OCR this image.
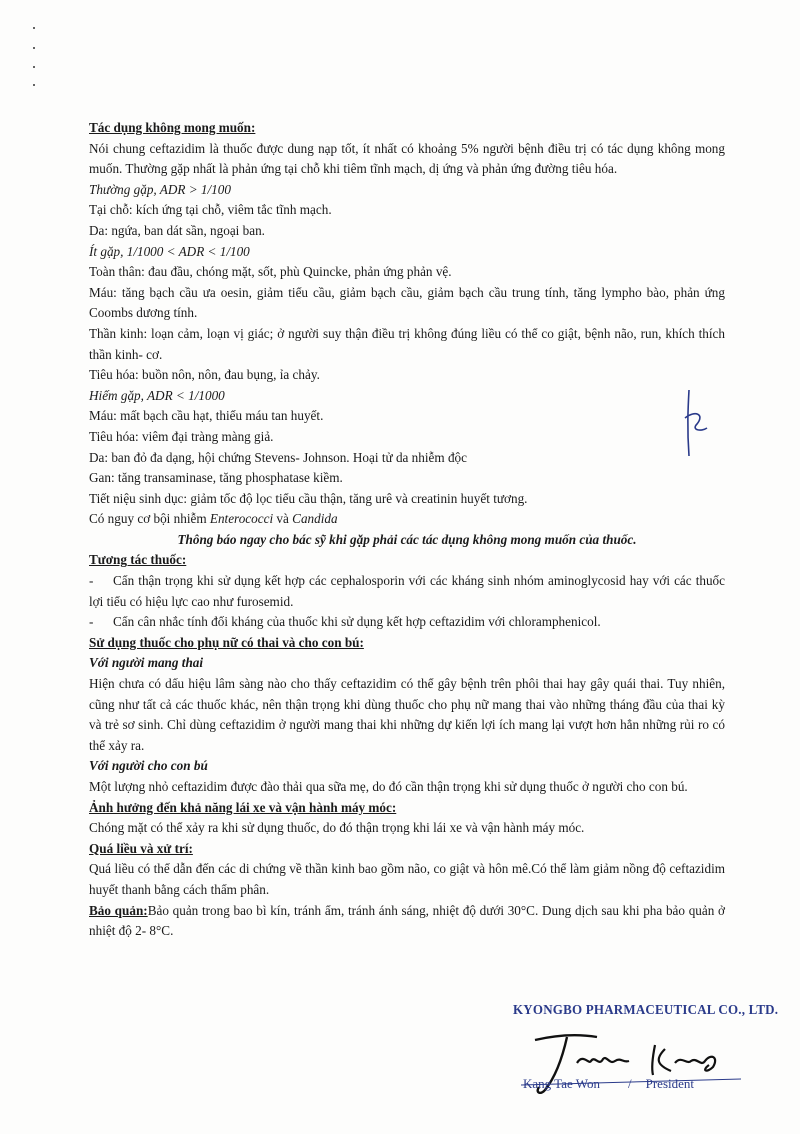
Tác dụng không mong muốn:

Nói chung ceftazidim là thuốc được dung nạp tốt, ít nhất có khoảng 5% người bệnh điều trị có tác dụng không mong muốn. Thường gặp nhất là phản ứng tại chỗ khi tiêm tĩnh mạch, dị ứng và phản ứng đường tiêu hóa.

Thường gặp, ADR > 1/100

Tại chỗ: kích ứng tại chỗ, viêm tắc tĩnh mạch.

Da: ngứa, ban dát sần, ngoại ban.

Ít gặp, 1/1000 < ADR < 1/100

Toàn thân: đau đầu, chóng mặt, sốt, phù Quincke, phản ứng phản vệ.

Máu: tăng bạch cầu ưa oesin, giảm tiểu cầu, giảm bạch cầu, giảm bạch cầu trung tính, tăng lympho bào, phản ứng Coombs dương tính.

Thần kinh: loạn cảm, loạn vị giác; ở người suy thận điều trị không đúng liều có thể co giật, bệnh não, run, khích thích thần kinh- cơ.

Tiêu hóa: buồn nôn, nôn, đau bụng, ỉa chảy.

Hiếm gặp, ADR < 1/1000

Máu: mất bạch cầu hạt, thiếu máu tan huyết.

Tiêu hóa: viêm đại tràng màng giả.

Da: ban đỏ đa dạng, hội chứng Stevens- Johnson. Hoại tử da nhiễm độc

Gan: tăng transaminase, tăng phosphatase kiềm.

Tiết niệu sinh dục: giảm tốc độ lọc tiểu cầu thận, tăng urê và creatinin huyết tương.

Có nguy cơ bội nhiễm Enterococci và Candida

Thông báo ngay cho bác sỹ khi gặp phải các tác dụng không mong muốn của thuốc.

Tương tác thuốc:

- Cẩn thận trọng khi sử dụng kết hợp các cephalosporin với các kháng sinh nhóm aminoglycosid hay với các thuốc lợi tiểu có hiệu lực cao như furosemid.

- Cẩn cân nhắc tính đối kháng của thuốc khi sử dụng kết hợp ceftazidim với chloramphenicol.

Sử dụng thuốc cho phụ nữ có thai và cho con bú:

Với người mang thai

Hiện chưa có dấu hiệu lâm sàng nào cho thấy ceftazidim có thể gây bệnh trên phôi thai hay gây quái thai. Tuy nhiên, cũng như tất cả các thuốc khác, nên thận trọng khi dùng thuốc cho phụ nữ mang thai vào những tháng đầu của thai kỳ và trẻ sơ sinh. Chỉ dùng ceftazidim ở người mang thai khi những dự kiến lợi ích mang lại vượt hơn hẳn những rủi ro có thể xảy ra.

Với người cho con bú

Một lượng nhỏ ceftazidim được đào thải qua sữa mẹ, do đó cần thận trọng khi sử dụng thuốc ở người cho con bú.

Ảnh hưởng đến khả năng lái xe và vận hành máy móc:

Chóng mặt có thể xảy ra khi sử dụng thuốc, do đó thận trọng khi lái xe và vận hành máy móc.

Quá liều và xử trí:

Quá liều có thể dẫn đến các di chứng về thần kinh bao gồm não, co giật và hôn mê.Có thể làm giảm nồng độ ceftazidim huyết thanh bằng cách thẩm phân.

Bảo quản:Bảo quản trong bao bì kín, tránh ẩm, tránh ánh sáng, nhiệt độ dưới 30°C. Dung dịch sau khi pha bảo quản ở nhiệt độ 2- 8°C.

KYONGBO PHARMACEUTICAL CO., LTD.
Kang Tae Won / President
